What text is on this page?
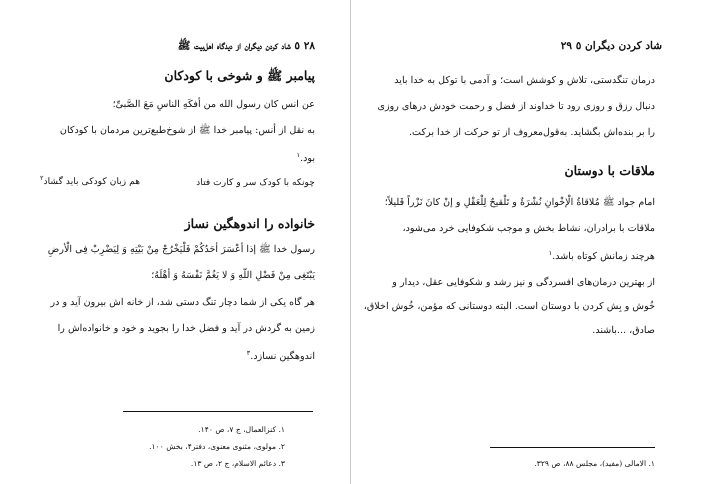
۲۸ ٥ شاد کردن دیگران از دیدگاه اهل‌بیت ﷺ
پیامبر ﷺ و شوخی با کودکان
عن انس کان رسول الله من أفکَهِ الناسِ مَعَ الصَّبیِّ؛
به نقل از أنس: پیامبر خدا ﷺ از شوخ‌طبع‌ترین مردمان با کودکان
بود.$^۱$
چونکه با کودک سر و کارت فتاد
هم زبان کودکی باید گشاد$^۲$
خانواده را اندوهگین نساز
رسول خدا ﷺ إذا أعْسَرَ أحَدُکُمْ فَلْیَخْرُجْ مِنْ بَیْتِهِ وَ لِیَضْرِبْ فِی الْأرضِ
یَبْتَغِی مِنْ فَضْلِ اللّهِ وَ لا یَغُمَّ نَفْسَهُ وَ أهْلَهُ؛
هر گاه یکی از شما دچار تنگ دستی شد، از خانه اش بیرون آید و در
زمین به گردش در آید و فضل خدا را بجوید و خود و خانواده‌اش را
اندوهگین نسازد.$^۳$
۱. کنزالعمال، ج ۷، ص ۱۴۰.
۲. مولوی، مثنوی معنوی، دفتر۴، بخش ۱۰۰.
۳. دعائم الاسلام، ج ۲، ص ۱۳.
شاد کردن دیگران ٥ ۲۹
درمان تنگدستی، تلاش و کوشش است؛ و آدمی با توکل به خدا باید
دنبال رزق و روزی رود تا خداوند از فضل و رحمت خودش درهای روزی
را بر بنده‌اش بگشاید. به‌قول‌معروف از تو حرکت از خدا برکت.
ملاقات با دوستان
امام جواد ﷺ مُلاقاةُ الْإخْوانِ نُشْرَةٌ و تَلْقیحٌ لِلْعَقْلِ و إنْ کانَ نَزْراً قَلیلاً؛
ملاقات با برادران، نشاط بخش و موجب شکوفایی خرد می‌شود،
هرچند زمانش کوتاه باشد.$^۱$
از بهترین درمان‌های افسردگی و نیز رشد و شکوفایی عقل، دیدار و
خُوش و بِش کردن با دوستان است. البته دوستانی که مؤمن، خُوش اخلاق،
صادق، ...باشند.
۱. الامالی (مفید)، مجلس ۸۸، ص ۳۲۹.
